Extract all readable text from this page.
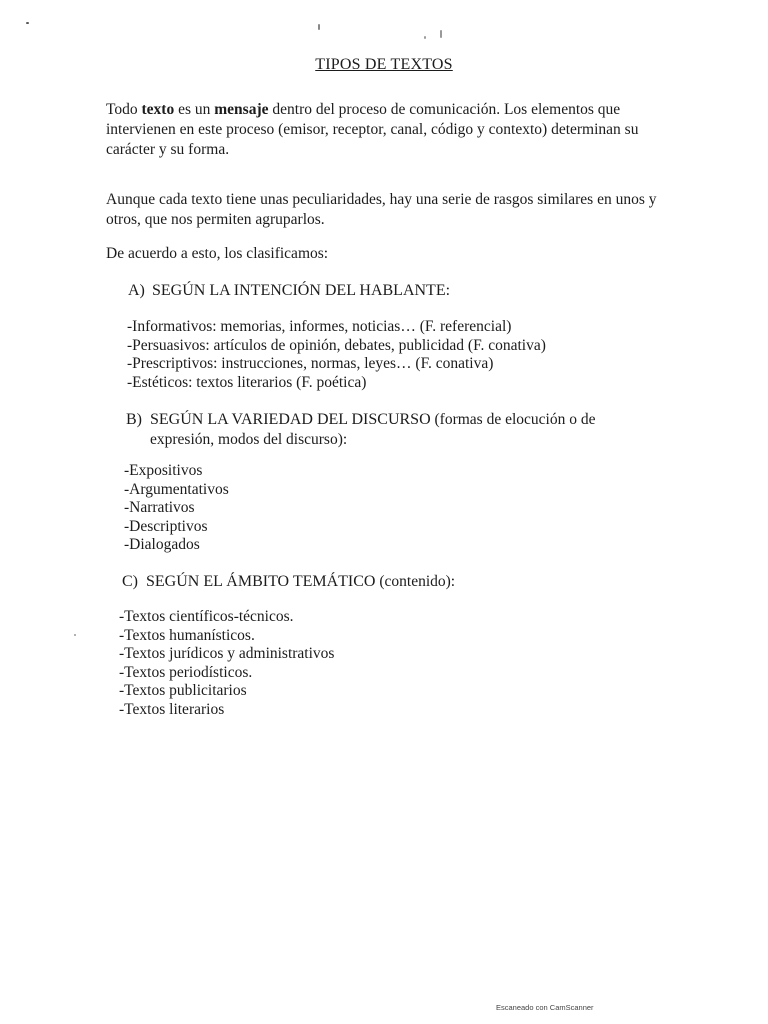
TIPOS DE TEXTOS

Todo texto es un mensaje dentro del proceso de comunicación. Los elementos que intervienen en este proceso (emisor, receptor, canal, código y contexto) determinan su carácter y su forma.

Aunque cada texto tiene unas peculiaridades, hay una serie de rasgos similares en unos y otros, que nos permiten agruparlos.

De acuerdo a esto, los clasificamos:

A) SEGÚN LA INTENCIÓN DEL HABLANTE:
-Informativos: memorias, informes, noticias… (F. referencial)
-Persuasivos: artículos de opinión, debates, publicidad (F. conativa)
-Prescriptivos: instrucciones, normas, leyes… (F. conativa)
-Estéticos: textos literarios (F. poética)
B) SEGÚN LA VARIEDAD DEL DISCURSO (formas de elocución o de
expresión, modos del discurso):
-Expositivos
-Argumentativos
-Narrativos
-Descriptivos
-Dialogados
C) SEGÚN EL ÁMBITO TEMÁTICO (contenido):
-Textos científicos-técnicos.
-Textos humanísticos.
-Textos jurídicos y administrativos
-Textos periodísticos.
-Textos publicitarios
-Textos literarios
Escaneado con CamScanner
